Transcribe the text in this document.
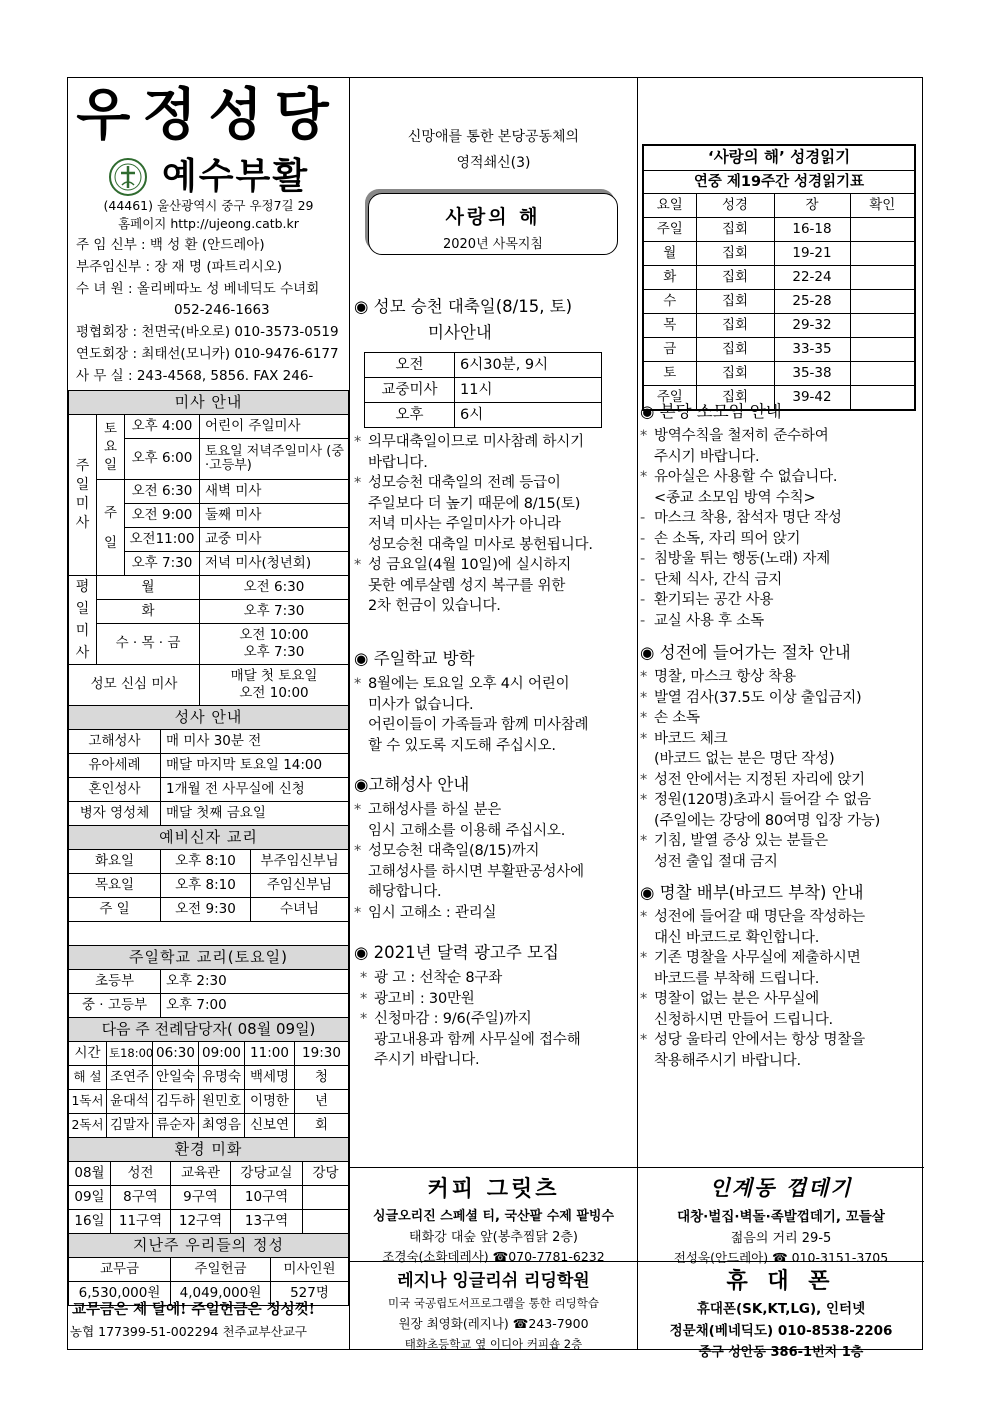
우정성당
예수부활
(44461) 울산광역시 중구 우정7길 29
홈페이지 http://ujeong.catb.kr
주 임 신부 : 백 성 환 (안드레아)
부주임신부 : 장 재 명 (파트리시오)
수 녀 원 : 올리베따노 성 베네딕도 수녀회
052-246-1663
평협회장 : 천면국(바오로) 010-3573-0519
연도회장 : 최태선(모니카) 010-9476-6177
사 무 실 : 243-4568, 5856. FAX 246-
미사 안내			

주일미사	토요일	오후 4:00	어린이 주일미사
		오후 6:00	토요일 저녁주일미사 (중·고등부)

	주일	오전 6:30	새벽 미사
		오전 9:00	둘째 미사
		오전11:00	교중 미사
		오후 7:30	저녁 미사(청년회)

평일미사	월		오전 6:30
	화		오후 7:30
	수 · 목 · 금		오전 10:00
오후 7:30
성모 신심 미사			매달 첫 토요일
오전 10:00
성사 안내	
고해성사	매 미사 30분 전
유아세례	매달 마지막 토요일 14:00
혼인성사	1개월 전 사무실에 신청
병자 영성체	매달 첫째 금요일
예비신자 교리		
화요일	오후 8:10	부주임신부님
목요일	오후 8:10	주임신부님
주 일	오전 9:30	수녀님

주일학교 교리(토요일)	
초등부	오후 2:30
중 · 고등부	오후 7:00
다음 주 전례담당자( 08월 09일)					
시간	토18:00	06:30	09:00	11:00	19:30
해 설	조연주	안일숙	유명숙	백세명	청
1독서	윤대석	김두하	원민호	이명한	년
2독서	김말자	류순자	최영음	신보연	회
환경 미화				
08월	성전	교육관	강당교실	강당
09일	8구역	9구역	10구역	
16일	11구역	12구역	13구역	
지난주 우리들의 정성		
교무금	주일헌금	미사인원
6,530,000원	4,049,000원	527명
교무금은 제 달에! 주일헌금은 정성껏!
농협 177399-51-002294 천주교부산교구
신망애를 통한 본당공동체의
영적쇄신(3)
사랑의 해
2020년 사목지침
◉ 성모 승천 대축일(8/15, 토)
미사안내
오전	6시30분, 9시
교중미사	11시
오후	6시
* 의무대축일이므로 미사참례 하시기
바랍니다.
* 성모승천 대축일의 전례 등급이
주일보다 더 높기 때문에 8/15(토)
저녁 미사는 주일미사가 아니라
성모승천 대축일 미사로 봉헌됩니다.
* 성 금요일(4월 10일)에 실시하지
못한 예루살렘 성지 복구를 위한
2차 헌금이 있습니다.
◉ 주일학교 방학
* 8월에는 토요일 오후 4시 어린이
미사가 없습니다.
어린이들이 가족들과 함께 미사참례
할 수 있도록 지도해 주십시오.
◉고해성사 안내
* 고해성사를 하실 분은
임시 고해소를 이용해 주십시오.
* 성모승천 대축일(8/15)까지
고해성사를 하시면 부활판공성사에
해당합니다.
* 임시 고해소 : 관리실
◉ 2021년 달력 광고주 모집
* 광 고 : 선착순 8구좌
* 광고비 : 30만원
* 신청마감 : 9/6(주일)까지
광고내용과 함께 사무실에 접수해
주시기 바랍니다.
커피 그릿츠
싱글오리진 스페셜 티, 국산팥 수제 팥빙수
태화강 대숲 앞(봉추찜닭 2층)
조경숙(소화데레사) ☎070-7781-6232
레지나 잉글리쉬 리딩학원
미국 국공립도서프로그램을 통한 리딩학습
원장 최영화(레지나) ☎243-7900
태화초등학교 옆 이디아 커피숍 2층
‘사랑의 해’ 성경읽기			
연중 제19주간 성경읽기표			
요일	성경	장	확인
주일	집회	16-18	
월	집회	19-21	
화	집회	22-24	
수	집회	25-28	
목	집회	29-32	
금	집회	33-35	
토	집회	35-38	
주일	집회	39-42	
◉ 본당 소모임 안내
* 방역수칙을 철저히 준수하여
주시기 바랍니다.
* 유아실은 사용할 수 없습니다.
<종교 소모임 방역 수칙>
- 마스크 착용, 참석자 명단 작성
- 손 소독, 자리 띄어 앉기
- 침방울 튀는 행동(노래) 자제
- 단체 식사, 간식 금지
- 환기되는 공간 사용
- 교실 사용 후 소독
◉ 성전에 들어가는 절차 안내
* 명찰, 마스크 항상 착용
* 발열 검사(37.5도 이상 출입금지)
* 손 소독
* 바코드 체크
(바코드 없는 분은 명단 작성)
* 성전 안에서는 지정된 자리에 앉기
* 정원(120명)초과시 들어갈 수 없음
(주일에는 강당에 80여명 입장 가능)
* 기침, 발열 증상 있는 분들은
성전 출입 절대 금지
◉ 명찰 배부(바코드 부착) 안내
* 성전에 들어갈 때 명단을 작성하는
대신 바코드로 확인합니다.
* 기존 명찰을 사무실에 제출하시면
바코드를 부착해 드립니다.
* 명찰이 없는 분은 사무실에
신청하시면 만들어 드립니다.
* 성당 울타리 안에서는 항상 명찰을
착용해주시기 바랍니다.
인계동 껍데기
대창·벌집·벽돌·족발껍데기, 꼬들살
젊음의 거리 29-5
전성욱(안드레아) ☎ 010-3151-3705
휴 대 폰
휴대폰(SK,KT,LG), 인터넷
정문채(베네딕도) 010-8538-2206
중구 성안동 386-1번지 1층
